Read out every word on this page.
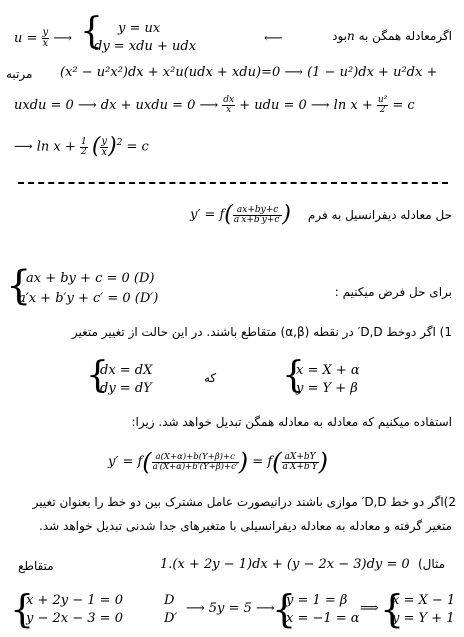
$u = \frac{y}{x}$ ⟶ { y = ux
dy = xdu + udx
⟵	اگرمعادله همگن به nبود
مرتبه (x² − u²x²)dx + x²u(udx + xdu)=0 ⟶ (1 − u²)dx + u²dx +
uxdu = 0 ⟶ dx + uxdu = 0 ⟶ $\frac{dx}{x}$ + udu = 0 ⟶ $\ln x + \frac{\text{u²}}{2} = c$
⟶ $\ln x + \frac{1}{2}$ ( $\frac{y}{x} )^2 = c$
$y' = f( \frac{ax+by+c}{a'x+b'y+c'}$ ) حل معادله دیفرانسیل به فرم
{
ax + by + c = 0 (D)
a′x + b′y + c′ = 0 (D′)	برای حل فرض میکنیم :
1) اگر دوخط D,D′ در نقطه (α,β) متقاطع باشند. در این حالت از تغییر متغیر
{
dx = dX
dy = dY
که {
x = X + α
y = Y + β
استفاده میکنیم که معادله به معادله همگن تبدیل خواهد شد. زیرا:
$y' = f( \frac{a(X+\alpha)+b(Y+\beta)+c}{a'(X+\alpha)+b'(Y+\beta)+c'}$ ) = $f( \frac{aX+bY}{a'X+b'Y}$ )
2)اگر دو خط D,D′ موازی باشند درانیصورت عامل مشترک بین دو خط را بعنوان تغییر
متغیر گرفته و معادله به معادله دیفرانسیلی با متغیرهای جدا شدنی تبدیل خواهد شد.
1.(x + 2y − 1)dx + (y − 2x − 3)dy = 0 مثال)
متقاطع
{
x + 2y − 1 = 0	D
y − 2x − 3 = 0	D′
⟶ 5y = 5 ⟶
{
y = 1 = β
x = −1 = α
⟹ {
x = X − 1
y = Y + 1
